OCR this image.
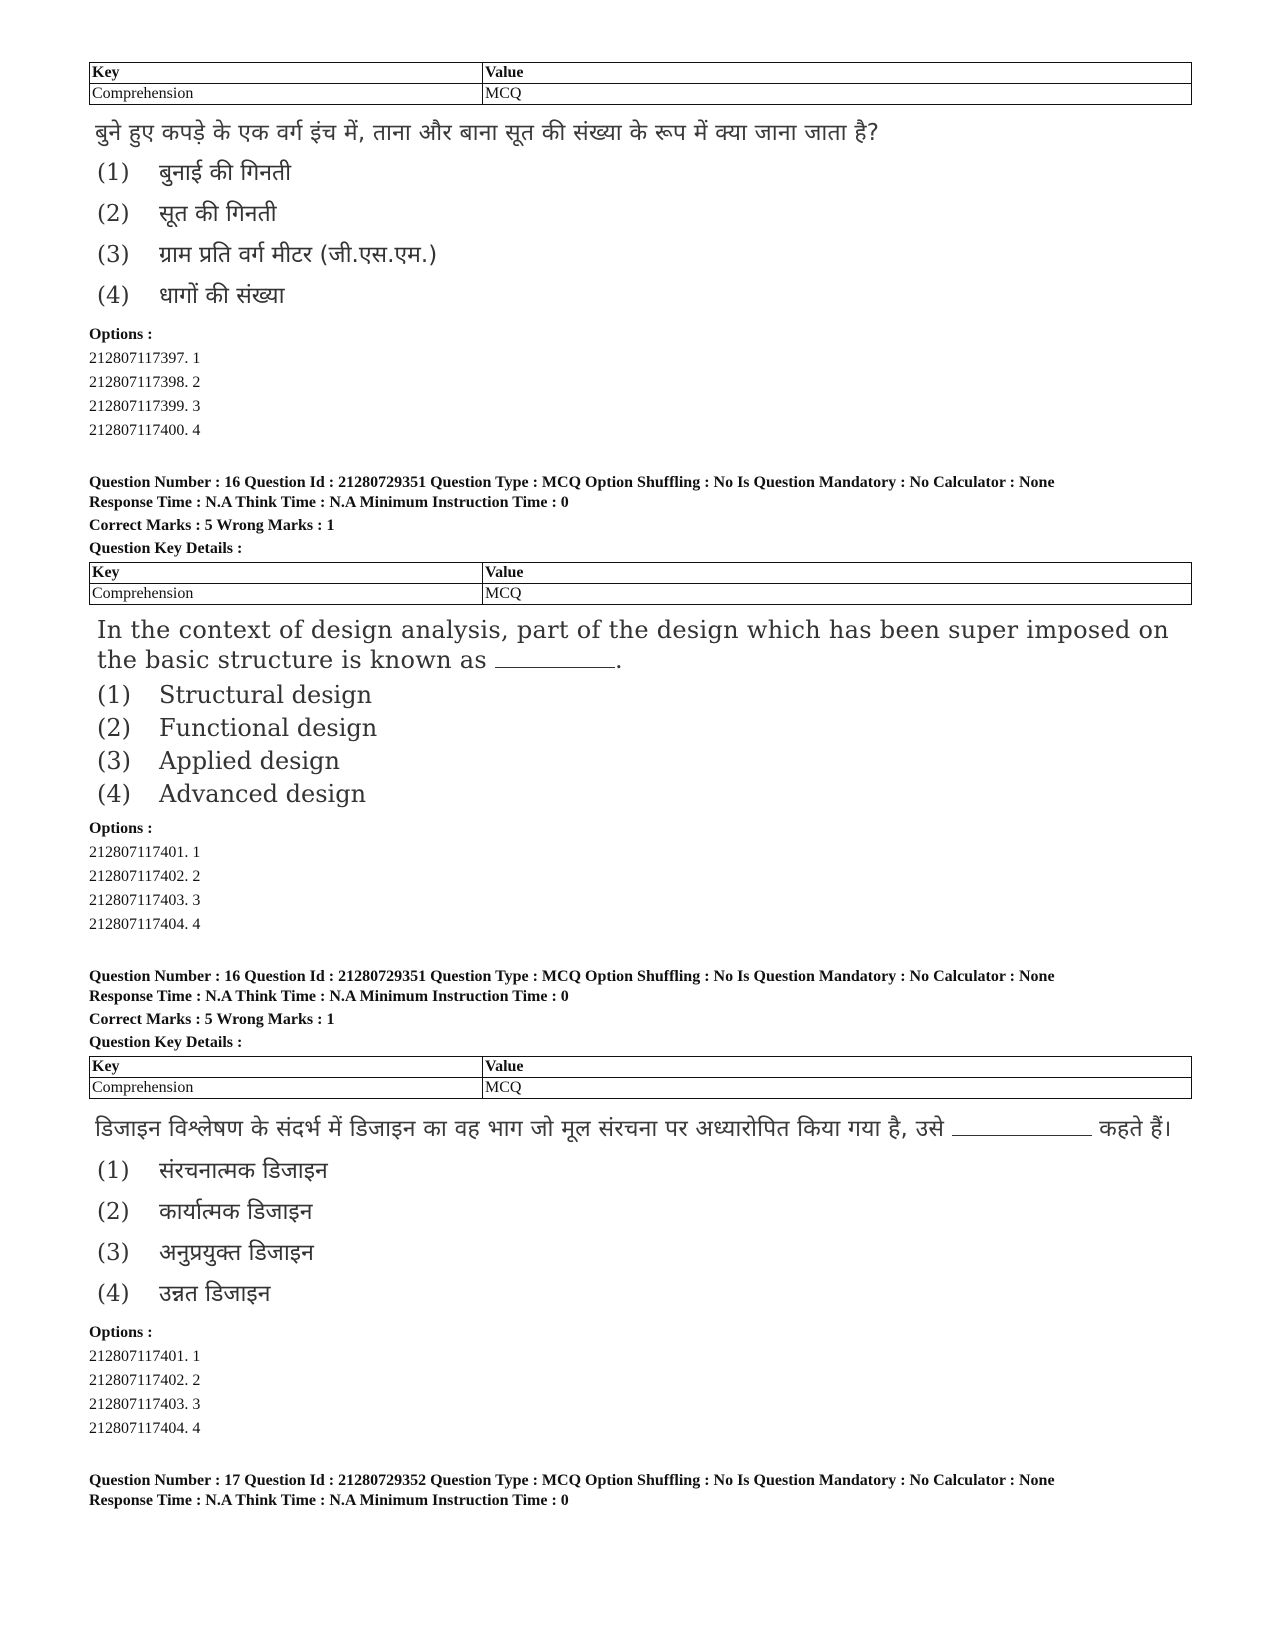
Key	Value
Comprehension	MCQ
बुने हुए कपड़े के एक वर्ग इंच में, ताना और बाना सूत की संख्या के रूप में क्या जाना जाता है?
(1)	बुनाई की गिनती
(2)	सूत की गिनती
(3)	ग्राम प्रति वर्ग मीटर (जी.एस.एम.)
(4)	धागों की संख्या
Options :
212807117397. 1
212807117398. 2
212807117399. 3
212807117400. 4

Question Number : 16 Question Id : 21280729351 Question Type : MCQ Option Shuffling : No Is Question Mandatory : No Calculator : None

Response Time : N.A Think Time : N.A Minimum Instruction Time : 0

Correct Marks : 5 Wrong Marks : 1

Question Key Details :

Key	Value
Comprehension	MCQ
In the context of design analysis, part of the design which has been super imposed on the basic structure is known as	.
(1)	Structural design
(2)	Functional design
(3)	Applied design
(4)	Advanced design
Options :
212807117401. 1
212807117402. 2
212807117403. 3
212807117404. 4

Question Number : 16 Question Id : 21280729351 Question Type : MCQ Option Shuffling : No Is Question Mandatory : No Calculator : None

Response Time : N.A Think Time : N.A Minimum Instruction Time : 0

Correct Marks : 5 Wrong Marks : 1

Question Key Details :

Key	Value
Comprehension	MCQ
डिजाइन विश्लेषण के संदर्भ में डिजाइन का वह भाग जो मूल संरचना पर अध्यारोपित किया गया है, उसे	कहते हैं।
(1)	संरचनात्मक डिजाइन
(2)	कार्यात्मक डिजाइन
(3)	अनुप्रयुक्त डिजाइन
(4)	उन्नत डिजाइन
Options :
212807117401. 1
212807117402. 2
212807117403. 3
212807117404. 4

Question Number : 17 Question Id : 21280729352 Question Type : MCQ Option Shuffling : No Is Question Mandatory : No Calculator : None

Response Time : N.A Think Time : N.A Minimum Instruction Time : 0
